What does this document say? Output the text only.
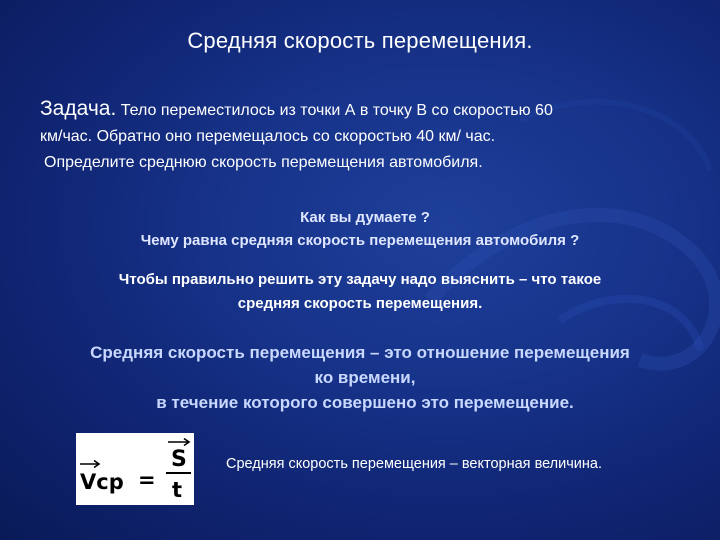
Средняя скорость перемещения.
Задача. Тело переместилось из точки А в точку В со скоростью 60
км/час. Обратно оно перемещалось со скоростью 40 км/ час.
Определите среднюю скорость перемещения автомобиля.
Как вы думаете ?
Чему равна средняя скорость перемещения автомобиля ?
Чтобы правильно решить эту задачу надо выяснить – что такое
средняя скорость перемещения.
Средняя скорость перемещения – это отношение перемещения
ко времени,
в течение которого совершено это перемещение.
Vср =
S
t
Средняя скорость перемещения – векторная величина.
